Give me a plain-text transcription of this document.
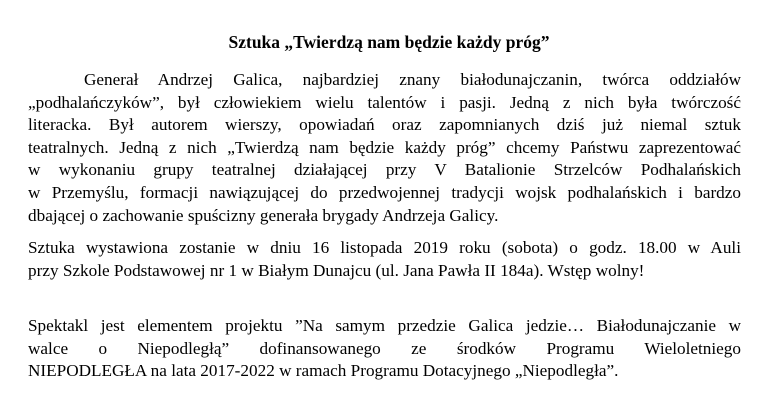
Sztuka „Twierdzą nam będzie każdy próg”
Generał Andrzej Galica, najbardziej znany białodunajczanin, twórca oddziałów
„podhalańczyków”, był człowiekiem wielu talentów i pasji. Jedną z nich była twórczość
literacka. Był autorem wierszy, opowiadań oraz zapomnianych dziś już niemal sztuk
teatralnych. Jedną z nich „Twierdzą nam będzie każdy próg” chcemy Państwu zaprezentować
w wykonaniu grupy teatralnej działającej przy V Batalionie Strzelców Podhalańskich
w Przemyślu, formacji nawiązującej do przedwojennej tradycji wojsk podhalańskich i bardzo
dbającej o zachowanie spuścizny generała brygady Andrzeja Galicy.
Sztuka wystawiona zostanie w dniu 16 listopada 2019 roku (sobota) o godz. 18.00 w Auli
przy Szkole Podstawowej nr 1 w Białym Dunajcu (ul. Jana Pawła II 184a). Wstęp wolny!
Spektakl jest elementem projektu ”Na samym przedzie Galica jedzie… Białodunajczanie w
walce o Niepodległą” dofinansowanego ze środków Programu Wieloletniego
NIEPODLEGŁA na lata 2017-2022 w ramach Programu Dotacyjnego „Niepodległa”.
